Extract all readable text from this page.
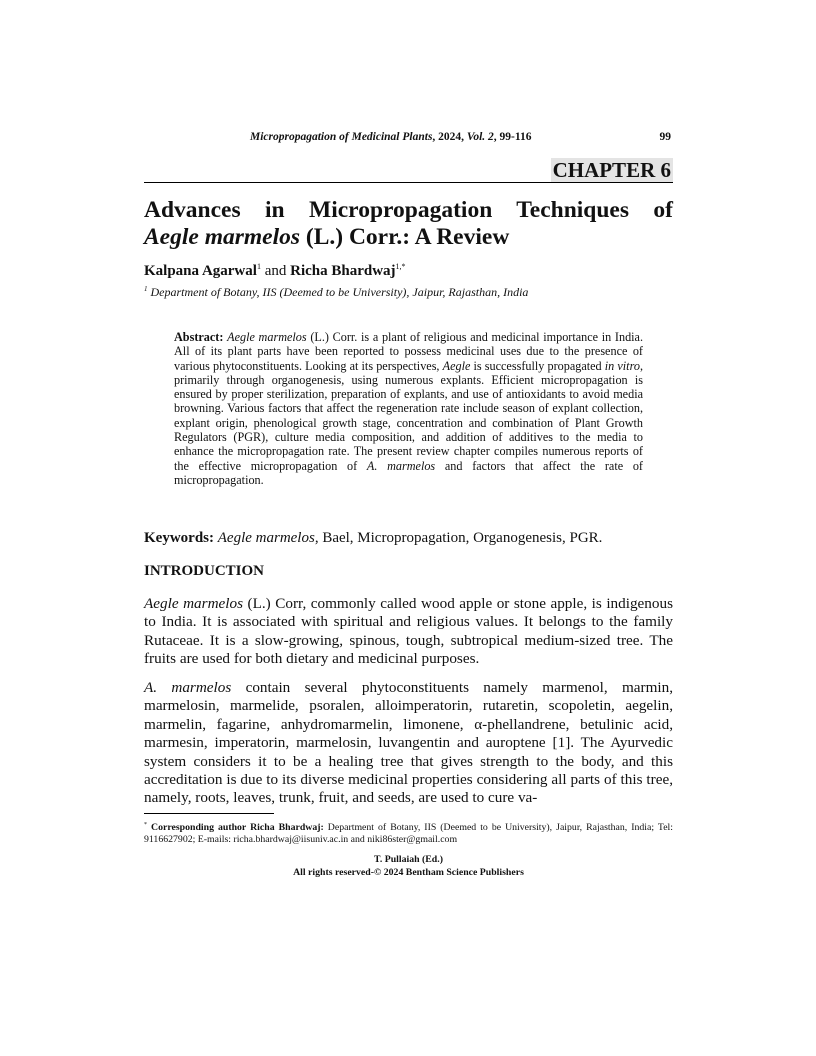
Micropropagation of Medicinal Plants, 2024, Vol. 2, 99-116	99
CHAPTER 6
Advances in Micropropagation Techniques of
Aegle marmelos (L.) Corr.: A Review
Kalpana Agarwal$^1$ and Richa Bhardwaj$^{1,*}$
$^1$ Department of Botany, IIS (Deemed to be University), Jaipur, Rajasthan, India

Abstract: Aegle marmelos (L.) Corr. is a plant of religious and medicinal importance in India. All of its plant parts have been reported to possess medicinal uses due to the presence of various phytoconstituents. Looking at its perspectives, Aegle is successfully propagated in vitro, primarily through organogenesis, using numerous explants. Efficient micropropagation is ensured by proper sterilization, preparation of explants, and use of antioxidants to avoid media browning. Various factors that affect the regeneration rate include season of explant collection, explant origin, phenological growth stage, concentration and combination of Plant Growth Regulators (PGR), culture media composition, and addition of additives to the media to enhance the micropropagation rate. The present review chapter compiles numerous reports of the effective micropropagation of A. marmelos and factors that affect the rate of micropropagation.

Keywords: Aegle marmelos, Bael, Micropropagation, Organogenesis, PGR.

INTRODUCTION

Aegle marmelos (L.) Corr, commonly called wood apple or stone apple, is indigenous to India. It is associated with spiritual and religious values. It belongs to the family Rutaceae. It is a slow-growing, spinous, tough, subtropical medium-sized tree. The fruits are used for both dietary and medicinal purposes.

A. marmelos contain several phytoconstituents namely marmenol, marmin, marmelosin, marmelide, psoralen, alloimperatorin, rutaretin, scopoletin, aegelin, marmelin, fagarine, anhydromarmelin, limonene, α-phellandrene, betulinic acid, marmesin, imperatorin, marmelosin, luvangentin and auroptene [1]. The Ayurvedic system considers it to be a healing tree that gives strength to the body, and this accreditation is due to its diverse medicinal properties considering all parts of this tree, namely, roots, leaves, trunk, fruit, and seeds, are used to cure va-

* Corresponding author Richa Bhardwaj: Department of Botany, IIS (Deemed to be University), Jaipur, Rajasthan, India; Tel: 9116627902; E-mails: richa.bhardwaj@iisuniv.ac.in and niki86ster@gmail.com

T. Pullaiah (Ed.)
All rights reserved-© 2024 Bentham Science Publishers
